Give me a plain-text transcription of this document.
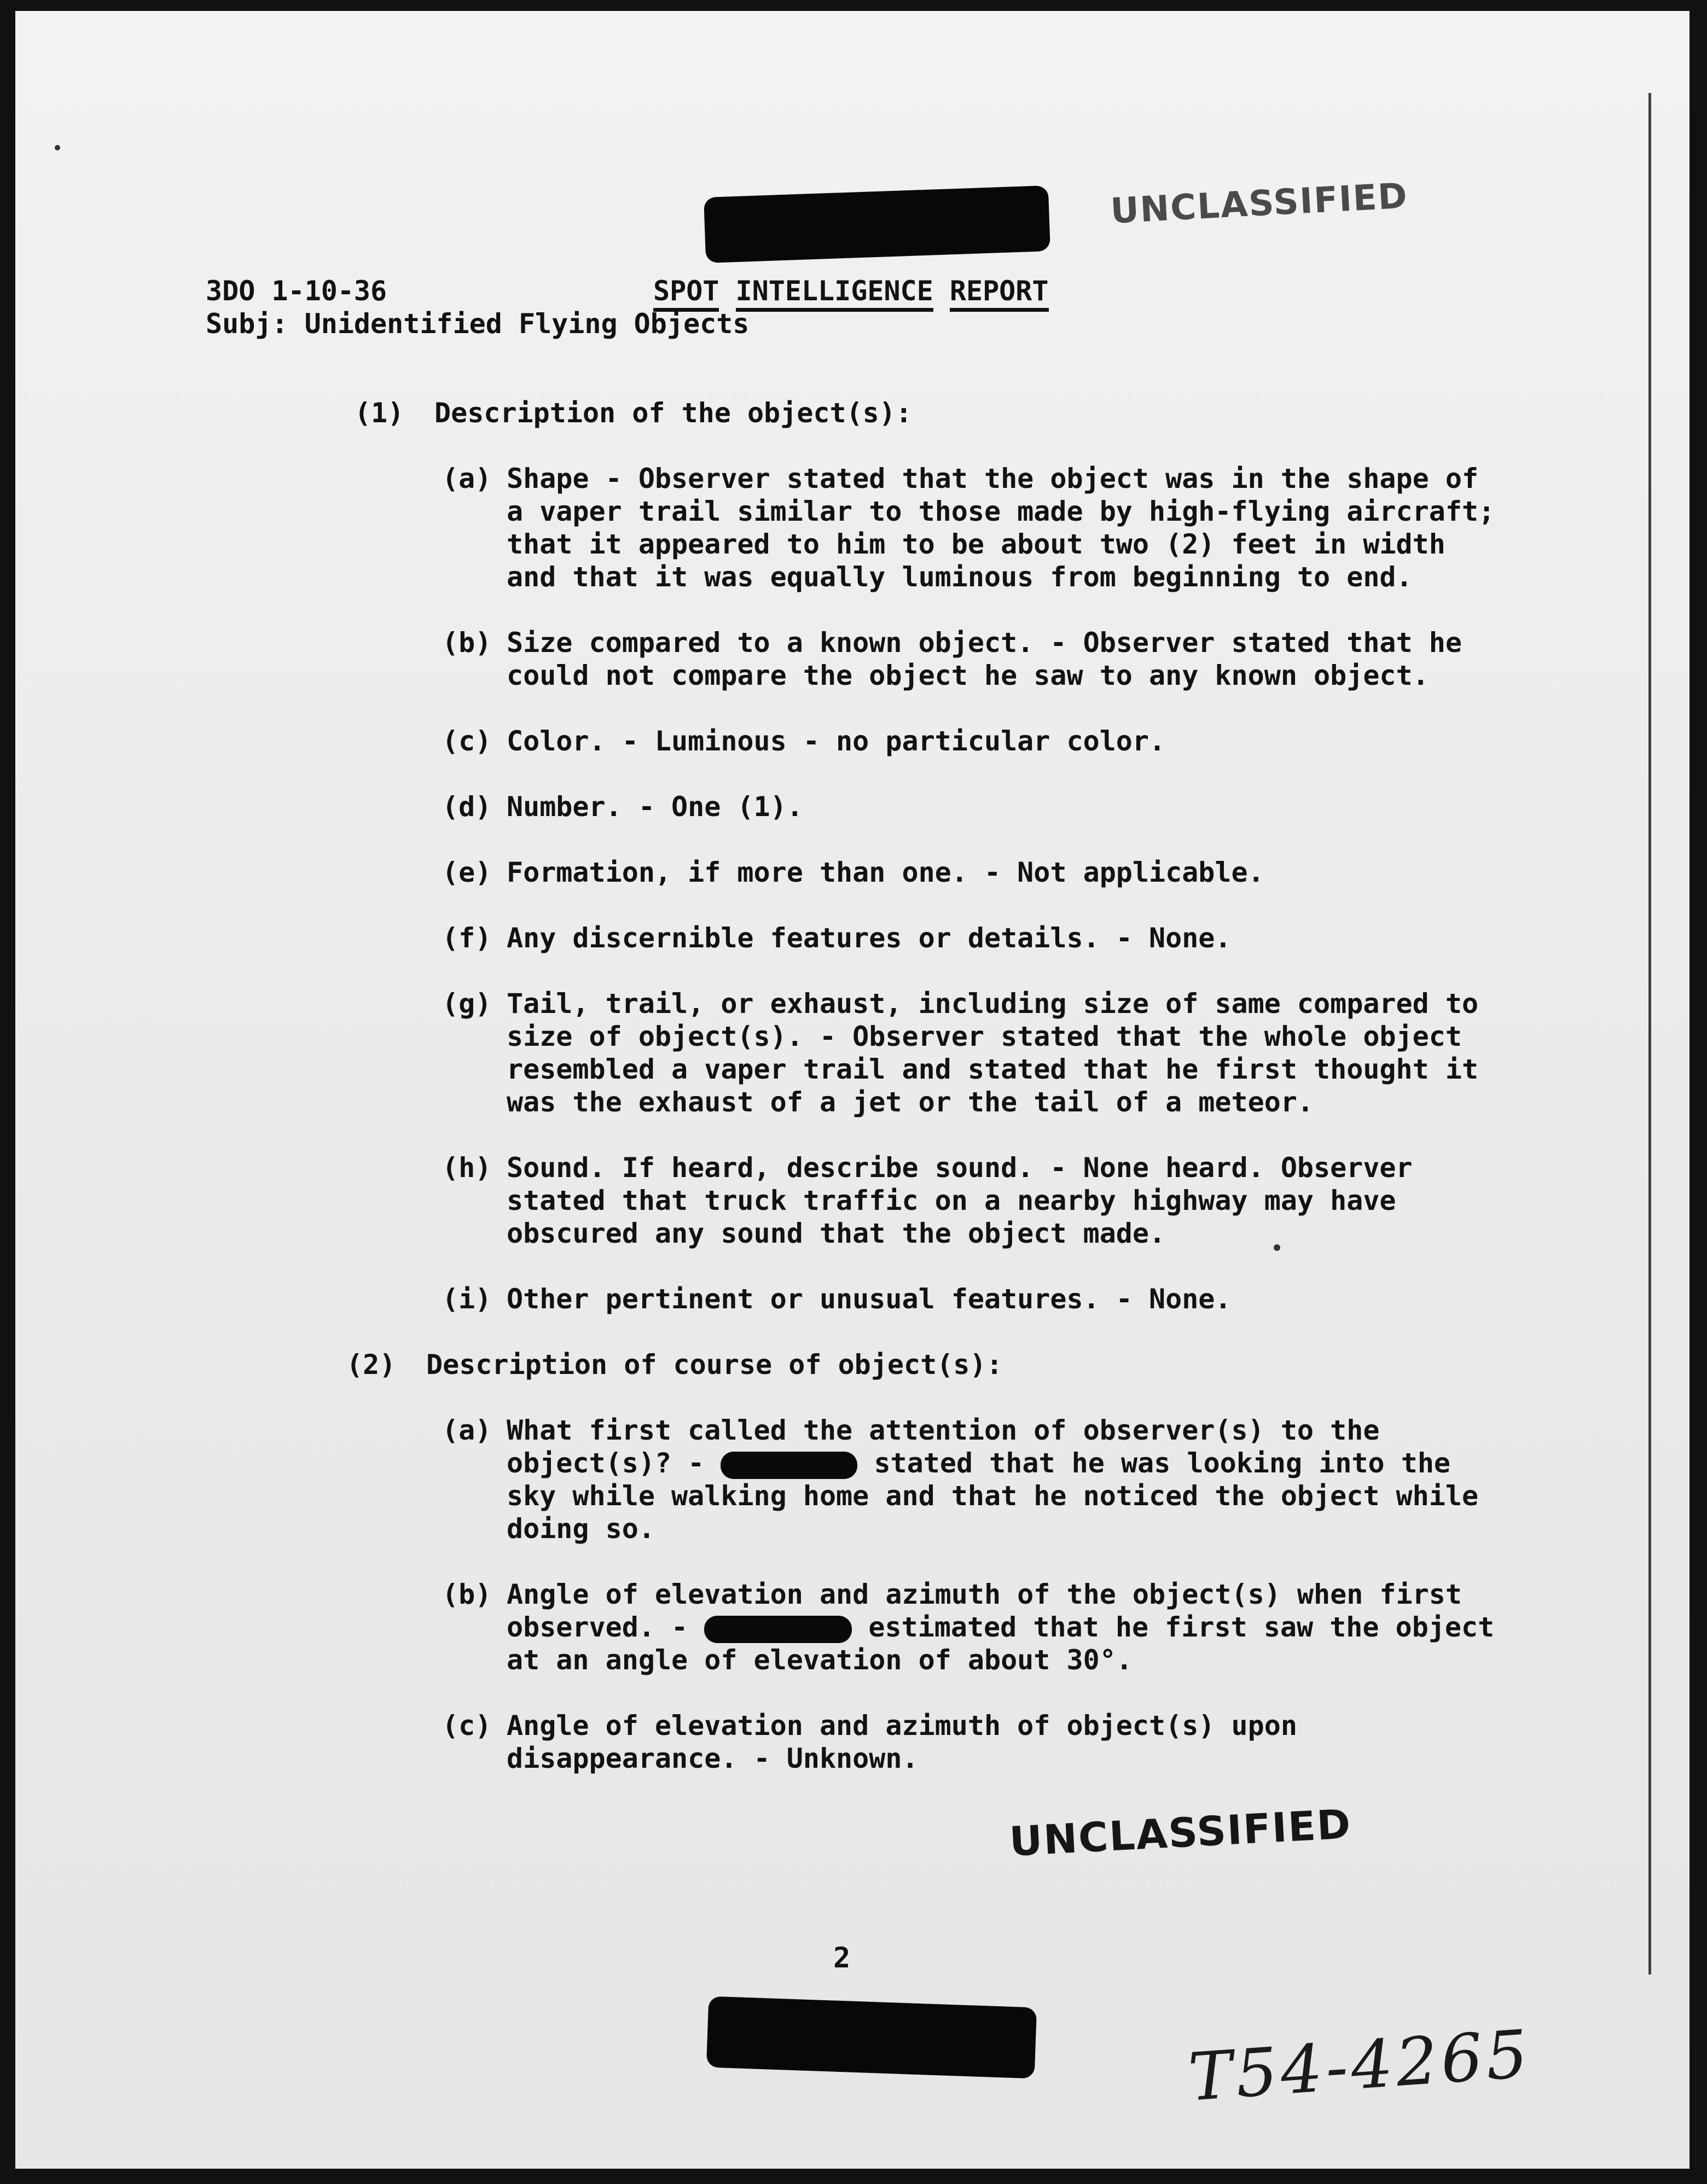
UNCLASSIFIED
UNCLASSIFIED
3DO 1-10-36
Subj: Unidentified Flying Objects
SPOT INTELLIGENCE REPORT
(1) Description of the object(s):
(a) Shape - Observer stated that the object was in the shape of a vaper trail similar to those made by high-flying aircraft; that it appeared to him to be about two (2) feet in width and that it was equally luminous from beginning to end.
(b) Size compared to a known object. - Observer stated that he could not compare the object he saw to any known object.
(c) Color. - Luminous - no particular color.
(d) Number. - One (1).
(e) Formation, if more than one. - Not applicable.
(f) Any discernible features or details. - None.
(g) Tail, trail, or exhaust, including size of same compared to size of object(s). - Observer stated that the whole object resembled a vaper trail and stated that he first thought it was the exhaust of a jet or the tail of a meteor.
(h) Sound. If heard, describe sound. - None heard. Observer stated that truck traffic on a nearby highway may have obscured any sound that the object made.
(i) Other pertinent or unusual features. - None.
(2) Description of course of object(s):
(a) What first called the attention of observer(s) to the object(s)? -	stated that he was looking into the sky while walking home and that he noticed the object while doing so.
(b) Angle of elevation and azimuth of the object(s) when first observed. -	estimated that he first saw the object at an angle of elevation of about 30°.
(c) Angle of elevation and azimuth of object(s) upon disappearance. - Unknown.
2
T54-4265
